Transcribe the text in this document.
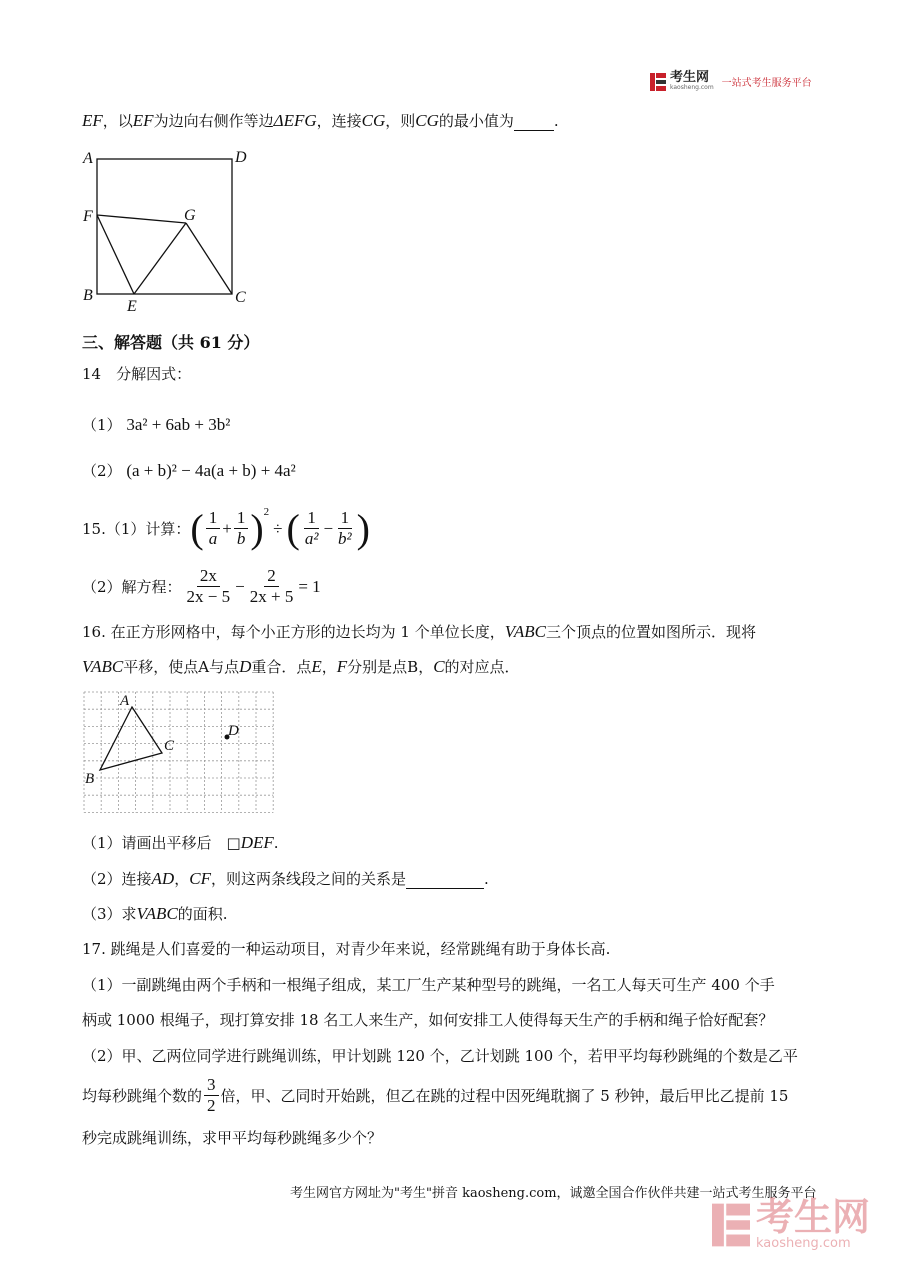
考生网
kaosheng.com 一站式考生服务平台
EF，以EF为边向右侧作等边ΔEFG，连接CG，则CG的最小值为	.
A	D
F	G
B
E
C
三、解答题（共 61 分）
14　分解因式：
（1） 3a² + 6ab + 3b²
（2） (a + b)² − 4a(a + b) + 4a²
15.（1）计算： ( $\frac{1}{a} + \frac{1}{b}$ ) 2
÷ ( $\frac{1}{\text{a²}} - \frac{1}{\text{b²}}$ )
（2）解方程： $\frac{2x}{2x - 5} - \frac{2}{2x + 5} = 1$
16. 在正方形网格中，每个小正方形的边长均为 1 个单位长度，VABC三个顶点的位置如图所示．现将
VABC平移，使点A与点D重合．点E，F分别是点B，C的对应点．
A
C
B
D
（1）请画出平移后　□DEF.
（2）连接AD，CF，则这两条线段之间的关系是	.
（3）求VABC的面积.
17. 跳绳是人们喜爱的一种运动项目，对青少年来说，经常跳绳有助于身体长高.
（1）一副跳绳由两个手柄和一根绳子组成，某工厂生产某种型号的跳绳，一名工人每天可生产 400 个手
柄或 1000 根绳子，现打算安排 18 名工人来生产，如何安排工人使得每天生产的手柄和绳子恰好配套？
（2）甲、乙两位同学进行跳绳训练，甲计划跳 120 个，乙计划跳 100 个，若甲平均每秒跳绳的个数是乙平
均每秒跳绳个数的 $\frac{3}{2}$ 倍，甲、乙同时开始跳，但乙在跳的过程中因死绳耽搁了 5 秒钟，最后甲比乙提前 15
秒完成跳绳训练，求甲平均每秒跳绳多少个？
考生网官方网址为"考生"拼音 kaosheng.com，诚邀全国合作伙伴共建一站式考生服务平台
考生网
kaosheng.com
